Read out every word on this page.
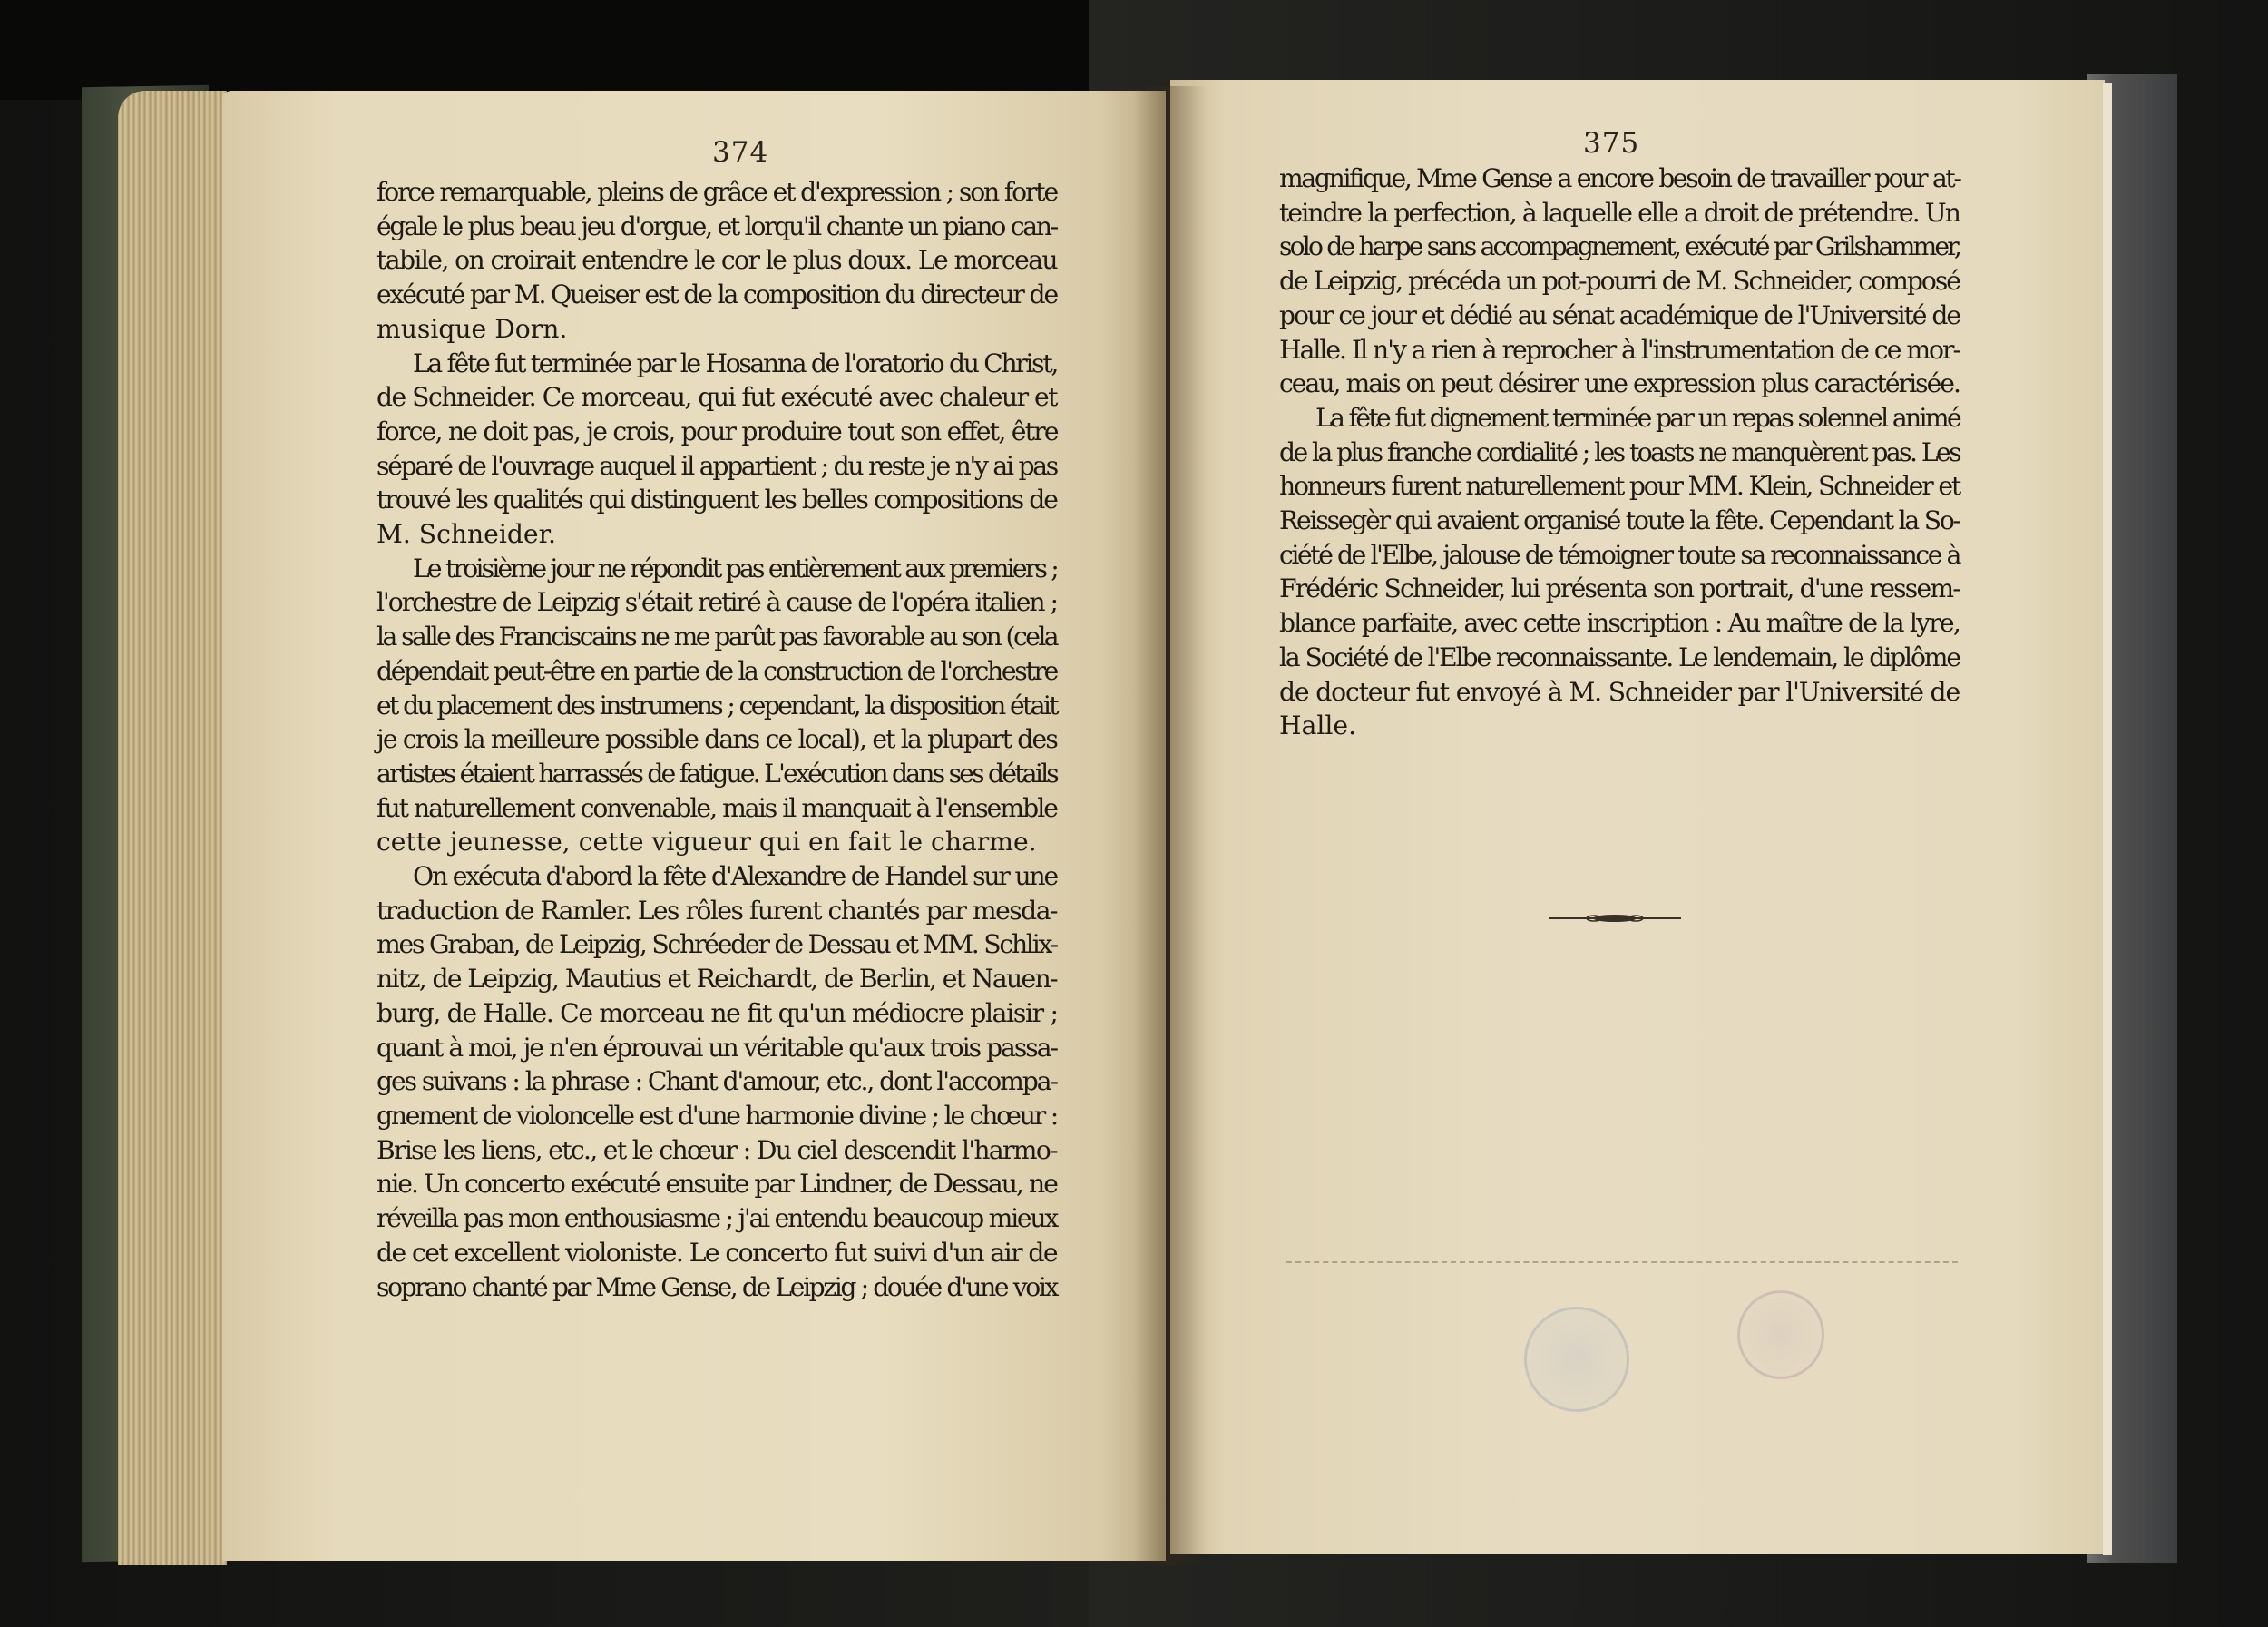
374	375
force remarquable, pleins de grâce et d'expression ; son forte
égale le plus beau jeu d'orgue, et lorqu'il chante un piano can-
tabile, on croirait entendre le cor le plus doux. Le morceau
exécuté par M. Queiser est de la composition du directeur de
musique Dorn.
La fête fut terminée par le Hosanna de l'oratorio du Christ,
de Schneider. Ce morceau, qui fut exécuté avec chaleur et
force, ne doit pas, je crois, pour produire tout son effet, être
séparé de l'ouvrage auquel il appartient ; du reste je n'y ai pas
trouvé les qualités qui distinguent les belles compositions de
M. Schneider.
Le troisième jour ne répondit pas entièrement aux premiers ;
l'orchestre de Leipzig s'était retiré à cause de l'opéra italien ;
la salle des Franciscains ne me parût pas favorable au son (cela
dépendait peut-être en partie de la construction de l'orchestre
et du placement des instrumens ; cependant, la disposition était
je crois la meilleure possible dans ce local), et la plupart des
artistes étaient harrassés de fatigue. L'exécution dans ses détails
fut naturellement convenable, mais il manquait à l'ensemble
cette jeunesse, cette vigueur qui en fait le charme.
On exécuta d'abord la fête d'Alexandre de Handel sur une
traduction de Ramler. Les rôles furent chantés par mesda-
mes Graban, de Leipzig, Schréeder de Dessau et MM. Schlix-
nitz, de Leipzig, Mautius et Reichardt, de Berlin, et Nauen-
burg, de Halle. Ce morceau ne fit qu'un médiocre plaisir ;
quant à moi, je n'en éprouvai un véritable qu'aux trois passa-
ges suivans : la phrase : Chant d'amour, etc., dont l'accompa-
gnement de violoncelle est d'une harmonie divine ; le chœur :
Brise les liens, etc., et le chœur : Du ciel descendit l'harmo-
nie. Un concerto exécuté ensuite par Lindner, de Dessau, ne
réveilla pas mon enthousiasme ; j'ai entendu beaucoup mieux
de cet excellent violoniste. Le concerto fut suivi d'un air de
soprano chanté par Mme Gense, de Leipzig ; douée d'une voix
magnifique, Mme Gense a encore besoin de travailler pour at-
teindre la perfection, à laquelle elle a droit de prétendre. Un
solo de harpe sans accompagnement, exécuté par Grilshammer,
de Leipzig, précéda un pot-pourri de M. Schneider, composé
pour ce jour et dédié au sénat académique de l'Université de
Halle. Il n'y a rien à reprocher à l'instrumentation de ce mor-
ceau, mais on peut désirer une expression plus caractérisée.
La fête fut dignement terminée par un repas solennel animé
de la plus franche cordialité ; les toasts ne manquèrent pas. Les
honneurs furent naturellement pour MM. Klein, Schneider et
Reissegèr qui avaient organisé toute la fête. Cependant la So-
ciété de l'Elbe, jalouse de témoigner toute sa reconnaissance à
Frédéric Schneider, lui présenta son portrait, d'une ressem-
blance parfaite, avec cette inscription : Au maître de la lyre,
la Société de l'Elbe reconnaissante. Le lendemain, le diplôme
de docteur fut envoyé à M. Schneider par l'Université de
Halle.
